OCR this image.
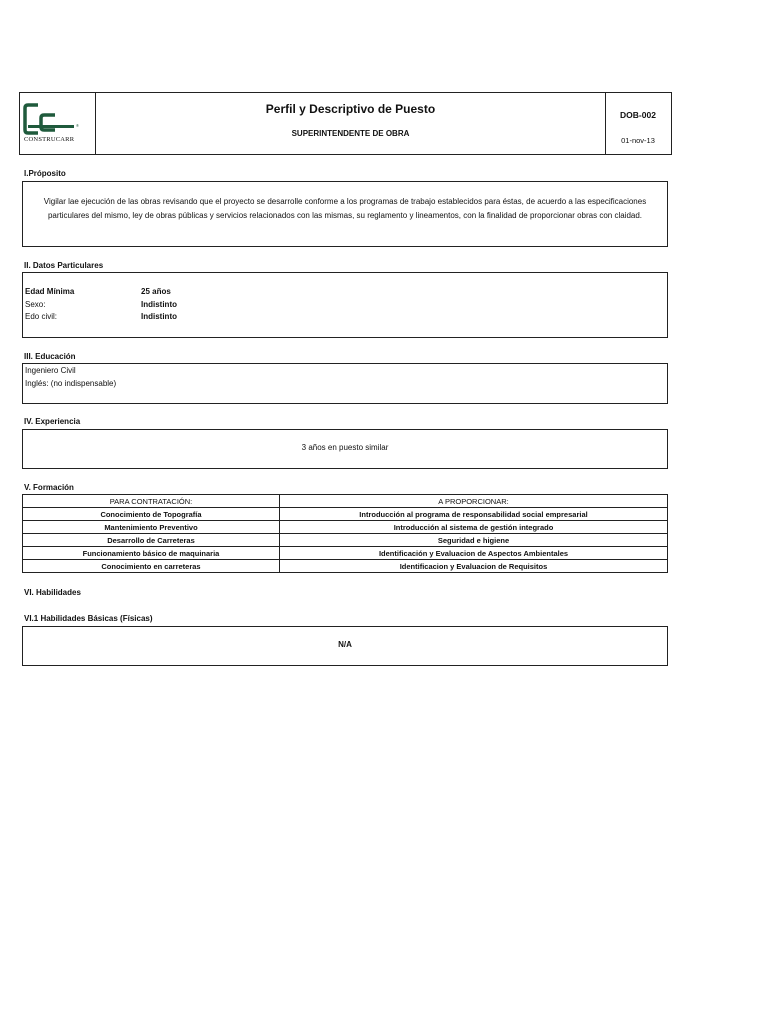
®
CONSTRUCARR
Perfil y Descriptivo de Puesto
SUPERINTENDENTE DE OBRA
DOB-002
01-nov-13
I.Próposito
Vigilar lae ejecución de las obras revisando que el proyecto se desarrolle conforme a los programas de trabajo establecidos para éstas, de acuerdo a las especificaciones particulares del mismo, ley de obras públicas y servicios relacionados con las mismas, su reglamento y lineamentos, con la finalidad de proporcionar obras con claidad.
II. Datos Particulares
Edad Mínima	25 años
Sexo:	Indistinto
Edo civil:	Indistinto
III. Educación
Ingeniero Civil
Inglés: (no indispensable)
IV. Experiencia
3 años en puesto similar
V. Formación
PARA CONTRATACIÓN:	A PROPORCIONAR:
Conocimiento de Topografía	Introducción al programa de responsabilidad social empresarial
Mantenimiento Preventivo	Introducción al sistema de gestión integrado
Desarrollo de Carreteras	Seguridad e higiene
Funcionamiento básico de maquinaria	Identificación y Evaluacion de Aspectos Ambientales
Conocimiento en carreteras	Identificacion y Evaluacion de Requisitos
VI. Habilidades
VI.1 Habilidades Básicas (Físicas)
N/A
